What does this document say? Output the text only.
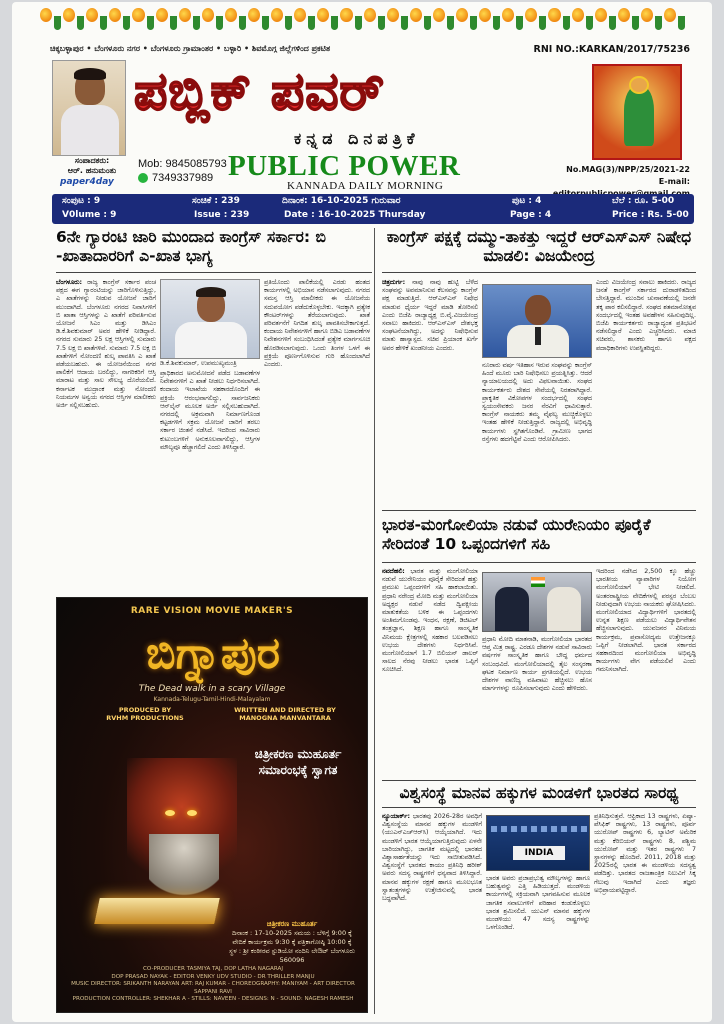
ಚಿಕ್ಕಬಳ್ಳಾಪುರ • ಬೆಂಗಳೂರು ನಗರ • ಬೆಂಗಳೂರು ಗ್ರಾಮಾಂತರ • ಬಳ್ಳಾರಿ • ಶಿವಮೊಗ್ಗ ಜಿಲ್ಲೆಗಳಿಂದ ಪ್ರಕಟಿತ	RNI NO.:KARKAN/2017/75236
ಸಂಪಾದಕರು:
ಆರ್. ಹನುಮಂತು
paper4day
Mob: 9845085793
7349337989
ಪಬ್ಲಿಕ್ ಪವರ್
ಕನ್ನಡ ದಿನಪತ್ರಿಕೆ
PUBLIC POWER
KANNADA DAILY MORNING
No.MAG(3)/NPP/25/2021-22
E-mail:
ಸಂಪುಟ : 9	ಸಂಚಿಕೆ : 239	ದಿನಾಂಕ: 16-10-2025 ಗುರುವಾರ	ಪುಟ : 4	ಬೆಲೆ : ರೂ. 5-00
V0lume : 9	Issue : 239	Date : 16-10-2025 Thursday	Page : 4	Price : Rs. 5-00
6ನೇ ಗ್ಯಾರಂಟಿ ಜಾರಿ ಮುಂದಾದ ಕಾಂಗ್ರೆಸ್ ಸರ್ಕಾರ: ಬಿ -ಖಾತಾದಾರರಿಗೆ ಎ-ಖಾತ ಭಾಗ್ಯ
ಬೆಂಗಳೂರು: ರಾಜ್ಯ ಕಾಂಗ್ರೆಸ್ ಸರ್ಕಾರ ಪಂಚ ಪಕ್ಷದ ಈಗ ಗ್ಯಾರಂಟಿಯನ್ನು ಜಾರಿಗೊಳಿಸುತ್ತಿದ್ದು, ಎ ಖಾತೆಗಳನ್ನು ನೀಡುವ ಯೋಜನೆ ಜಾರಿಗೆ ಮುಂದಾಗಿದೆ. ಬೆಂಗಳೂರು ನಗರದ ನಿವಾಸಿಗಳಿಗೆ ಬಿ ಖಾತಾ ಆಸ್ತಿಗಳನ್ನು ಎ ಖಾತೆಗೆ ಪರಿವರ್ತಿಸುವ ಯೋಜನೆ ಸಿಎಂ ಮತ್ತು ಡಿಸಿಎಂ ಡಿ.ಕೆ.ಶಿವಕುಮಾರ್ ಅವರ ಹೇಳಿಕೆ ನೀಡಿದ್ದಾರೆ. ನಗರದ ಸುಮಾರು 25 ಲಕ್ಷ ಆಸ್ತಿಗಳಲ್ಲಿ ಸುಮಾರು 7.5 ಲಕ್ಷ ಬಿ ಖಾತೆಗಳಿವೆ. ಸುಮಾರು 7.5 ಲಕ್ಷ ಬಿ ಖಾತೆಗಳಿಗೆ ನೋಂದಣಿ ಶುಲ್ಕ ಪಾವತಿಸಿ ಎ ಖಾತೆ ಪಡೆಯಬಹುದು. ಈ ಯೋಜನೆಯಿಂದ ನಗರ ಪಾಲಿಕೆಗೆ ಆದಾಯ ಬರಲಿದ್ದು, ನಾಗರಿಕರಿಗೆ ಆಸ್ತಿ ಮಾರಾಟ ಮತ್ತು ಸಾಲ ಸೌಲಭ್ಯ ದೊರೆಯಲಿದೆ. ಕರ್ನಾಟಕ ಮುದ್ರಾಂಕ ಮತ್ತು ನೋಂದಣಿ ನಿಯಮಗಳ ಅನ್ವಯ ನಗರದ ಆಸ್ತಿಗಳ ಮಾಲೀಕರು ಅರ್ಜಿ ಸಲ್ಲಿಸಬಹುದು.
ಡಿ.ಕೆ.ಶಿವಕುಮಾರ್, ಉಪಮುಖ್ಯಮಂತ್ರಿ
ಪ್ರಾಧಿಕಾರದ ಅನುಮೋದನೆ ಪಡೆದ ಬಡಾವಣೆಗಳ ನಿವೇಶನಗಳಿಗೆ ಎ ಖಾತೆ ನೀಡಲು ನಿರ್ಧರಿಸಲಾಗಿದೆ. ಕಂದಾಯ ಇಲಾಖೆಯ ಸಹಕಾರದೊಂದಿಗೆ ಈ ಪ್ರಕ್ರಿಯೆ ಆರಂಭವಾಗಲಿದ್ದು, ಸಾರ್ವಜನಿಕರು ಆನ್‌ಲೈನ್ ಮೂಲಕ ಅರ್ಜಿ ಸಲ್ಲಿಸಬಹುದಾಗಿದೆ. ನಗರದಲ್ಲಿ ಅಕ್ರಮವಾಗಿ ನಿರ್ಮಾಣಗೊಂಡ ಕಟ್ಟಡಗಳಿಗೆ ಸಕ್ರಮ ಯೋಜನೆ ಜಾರಿಗೆ ತರಲು ಸರ್ಕಾರ ಚಿಂತನೆ ನಡೆಸಿದೆ. ಇದರಿಂದ ಸಾವಿರಾರು ಕುಟುಂಬಗಳಿಗೆ ಅನುಕೂಲವಾಗಲಿದ್ದು, ಆಸ್ತಿಗಳ ಮೌಲ್ಯವೂ ಹೆಚ್ಚಾಗಲಿದೆ ಎಂದು ತಿಳಿಸಿದ್ದಾರೆ.
ಪ್ರತಿಯೊಂದು ಪಾಲಿಕೆಯಲ್ಲಿ ಎರಡು ಹಂತದ ಕಾರ್ಯಗಳಲ್ಲಿ ಅಭಿಯಾನ ನಡೆಸಲಾಗುವುದು. ನಗರದ ಸಮಸ್ತ ಆಸ್ತಿ ಮಾಲೀಕರು ಈ ಯೋಜನೆಯ ಸದುಪಯೋಗ ಪಡೆದುಕೊಳ್ಳಬೇಕು. ಇದಕ್ಕಾಗಿ ಪ್ರತ್ಯೇಕ ಕೌಂಟರ್‌ಗಳನ್ನು ತೆರೆಯಲಾಗುವುದು. ಖಾತೆ ಪರಿವರ್ತನೆಗೆ ನಿಗದಿತ ಶುಲ್ಕ ಪಾವತಿಸಬೇಕಾಗುತ್ತದೆ. ಕಂದಾಯ ನಿವೇಶನಗಳಿಗೆ ಹಾಗೂ ಬಿಡಿಎ ಬಡಾವಣೆಗಳ ನಿವೇಶನಗಳಿಗೆ ಸಂಬಂಧಿಸಿದಂತೆ ಪ್ರತ್ಯೇಕ ಮಾರ್ಗಸೂಚಿ ಹೊರಡಿಸಲಾಗುವುದು. ಒಂದು ತಿಂಗಳ ಒಳಗೆ ಈ ಪ್ರಕ್ರಿಯೆ ಪೂರ್ಣಗೊಳಿಸುವ ಗುರಿ ಹೊಂದಲಾಗಿದೆ ಎಂದರು.
RARE VISION MOVIE MAKER'S
ಬಿಗ್ನಾಪುರ
The Dead walk in a scary Village
Kannada-Telugu-Tamil-Hindi-Malayalam
PRODUCED BY
RVHM PRODUCTIONS
WRITTEN AND DIRECTED BY
MANOGNA MANVANTARA
ಚಿತ್ರೀಕರಣ ಮುಹೂರ್ತ ಸಮಾರಂಭಕ್ಕೆ ಸ್ವಾಗತ
ಚಿತ್ರೀಕರಣ ಮುಹೂರ್ತ
ದಿನಾಂಕ : 17-10-2025 ಸಮಯ : ಬೆಳಿಗ್ಗೆ 9:00 ಕ್ಕೆ
ವೇದಿಕೆ ಕಾರ್ಯಕ್ರಮ 9:30 ಕ್ಕೆ ಪತ್ರಿಕಾಗೋಷ್ಠಿ 10:00 ಕ್ಕೆ
ಸ್ಥಳ : ಶ್ರೀ ಕಂಠೀರವ ಸ್ಟುಡಿಯೋ ನಂದಿನಿ ಲೇಔಟ್ ಬೆಂಗಳೂರು 560096
CO-PRODUCER TASMIYA TAJ, DOP LATHA NAGARAJ
DOP PRASAD NAYAK - EDITOR VENKY UDV STUDIO - DR THRILLER MANJU
MUSIC DIRECTOR: SRIKANTH NARAYAN ART: RAJ KUMAR - CHOREOGRAPHY: MANIYAM - ART DIRECTOR SAPPANI RAVI
PRODUCTION CONTROLLER: SHEKHAR A - STILLS: NAVEEN - DESIGNS: N - SOUND: NAGESH RAMESH
ಕಾಂಗ್ರೆಸ್ ಪಕ್ಷಕ್ಕೆ ದಮ್ಮು-ತಾಕತ್ತು ಇದ್ದರೆ ಆರ್‌ಎಸ್‌ಎಸ್ ನಿಷೇಧ ಮಾಡಲಿ: ವಿಜಯೇಂದ್ರ
ಚಿತ್ರದುರ್ಗ: ನಾವು ನಾವು ಹುಟ್ಟಿ ಬೆಳೆದ ಸಂಘವನ್ನು ಅವಮಾನಿಸುವ ಕೆಲಸವನ್ನು ಕಾಂಗ್ರೆಸ್ ಪಕ್ಷ ಮಾಡುತ್ತಿದೆ. ಆರ್‌ಎಸ್‌ಎಸ್ ನಿಷೇಧ ಮಾಡುವ ಧೈರ್ಯ ಇದ್ದರೆ ಮಾಡಿ ತೋರಿಸಲಿ ಎಂದು ಬಿಜೆಪಿ ರಾಜ್ಯಾಧ್ಯಕ್ಷ ಬಿ.ವೈ.ವಿಜಯೇಂದ್ರ ಸವಾಲು ಹಾಕಿದರು. ಆರ್‌ಎಸ್‌ಎಸ್ ದೇಶಭಕ್ತ ಸಂಘಟನೆಯಾಗಿದ್ದು, ಅದನ್ನು ನಿಷೇಧಿಸುವ ಮಾತು ಹಾಸ್ಯಾಸ್ಪದ. ಸಚಿವ ಪ್ರಿಯಾಂಕ ಖರ್ಗೆ ಅವರ ಹೇಳಿಕೆ ಖಂಡನೀಯ ಎಂದರು.
ನೂರಾರು ವರ್ಷ ಇತಿಹಾಸ ಇರುವ ಸಂಘವನ್ನು ಕಾಂಗ್ರೆಸ್ ಹಿಂದೆ ಮೂರು ಬಾರಿ ನಿಷೇಧಿಸಲು ಪ್ರಯತ್ನಿಸಿತ್ತು. ಆದರೆ ನ್ಯಾಯಾಲಯದಲ್ಲಿ ಅದು ವಿಫಲವಾಯಿತು. ಸಂಘದ ಕಾರ್ಯಕರ್ತರು ದೇಶದ ಸೇವೆಯಲ್ಲಿ ನಿರತರಾಗಿದ್ದಾರೆ. ಪ್ರಾಕೃತಿಕ ವಿಕೋಪಗಳ ಸಂದರ್ಭದಲ್ಲಿ ಸಂಘದ ಸ್ವಯಂಸೇವಕರು ಜನರ ನೆರವಿಗೆ ಧಾವಿಸುತ್ತಾರೆ. ಕಾಂಗ್ರೆಸ್ ನಾಯಕರು ತಮ್ಮ ವೈಫಲ್ಯ ಮುಚ್ಚಿಕೊಳ್ಳಲು ಇಂತಹ ಹೇಳಿಕೆ ನೀಡುತ್ತಿದ್ದಾರೆ. ರಾಜ್ಯದಲ್ಲಿ ಅಭಿವೃದ್ಧಿ ಕಾರ್ಯಗಳು ಸ್ಥಗಿತಗೊಂಡಿವೆ. ಗ್ರಾಮೀಣ ಭಾಗದ ರಸ್ತೆಗಳು ಹದಗೆಟ್ಟಿವೆ ಎಂದು ಆರೋಪಿಸಿದರು.
ಎಂದು ವಿಜಯೇಂದ್ರ ಸವಾಲು ಹಾಕಿದರು. ರಾಜ್ಯದ ಜನತೆ ಕಾಂಗ್ರೆಸ್ ಸರ್ಕಾರದ ದುರಾಡಳಿತದಿಂದ ಬೇಸತ್ತಿದ್ದಾರೆ. ಮುಂದಿನ ಚುನಾವಣೆಯಲ್ಲಿ ಜನರೇ ತಕ್ಕ ಪಾಠ ಕಲಿಸಲಿದ್ದಾರೆ. ಸಂಘದ ಶತಮಾನೋತ್ಸವ ಸಂದರ್ಭದಲ್ಲಿ ಇಂತಹ ಅವಹೇಳನ ಸಹಿಸುವುದಿಲ್ಲ. ಬಿಜೆಪಿ ಕಾರ್ಯಕರ್ತರು ರಾಜ್ಯಾದ್ಯಂತ ಪ್ರತಿಭಟನೆ ನಡೆಸಲಿದ್ದಾರೆ ಎಂದು ಎಚ್ಚರಿಸಿದರು. ಮಾಜಿ ಸಚಿವರು, ಶಾಸಕರು ಹಾಗೂ ಪಕ್ಷದ ಪದಾಧಿಕಾರಿಗಳು ಉಪಸ್ಥಿತರಿದ್ದರು.
ಭಾರತ-ಮಂಗೋಲಿಯಾ ನಡುವೆ ಯುರೇನಿಯಂ ಪೂರೈಕೆ ಸೇರಿದಂತೆ 10 ಒಪ್ಪಂದಗಳಿಗೆ ಸಹಿ
ನವದೆಹಲಿ: ಭಾರತ ಮತ್ತು ಮಂಗೋಲಿಯಾ ನಡುವೆ ಯುರೇನಿಯಂ ಪೂರೈಕೆ ಸೇರಿದಂತೆ ಹತ್ತು ಪ್ರಮುಖ ಒಪ್ಪಂದಗಳಿಗೆ ಸಹಿ ಹಾಕಲಾಯಿತು. ಪ್ರಧಾನಿ ನರೇಂದ್ರ ಮೋದಿ ಮತ್ತು ಮಂಗೋಲಿಯಾ ಅಧ್ಯಕ್ಷರ ನಡುವೆ ನಡೆದ ದ್ವಿಪಕ್ಷೀಯ ಮಾತುಕತೆಯ ಬಳಿಕ ಈ ಒಪ್ಪಂದಗಳು ಅಂತಿಮಗೊಂಡವು. ಇಂಧನ, ರಕ್ಷಣೆ, ಡಿಜಿಟಲ್ ತಂತ್ರಜ್ಞಾನ, ಶಿಕ್ಷಣ ಹಾಗೂ ಸಾಂಸ್ಕೃತಿಕ ವಿನಿಮಯ ಕ್ಷೇತ್ರಗಳಲ್ಲಿ ಸಹಕಾರ ಬಲಪಡಿಸಲು ಉಭಯ ದೇಶಗಳು ನಿರ್ಧರಿಸಿವೆ. ಮಂಗೋಲಿಯಾಗೆ 1.7 ಬಿಲಿಯನ್ ಡಾಲರ್ ಸಾಲದ ನೆರವು ನೀಡಲು ಭಾರತ ಒಪ್ಪಿಗೆ ಸೂಚಿಸಿದೆ.
ಪ್ರಧಾನಿ ಮೋದಿ ಮಾತನಾಡಿ, ಮಂಗೋಲಿಯಾ ಭಾರತದ ಆಪ್ತ ಮಿತ್ರ ರಾಷ್ಟ್ರ. ಎರಡೂ ದೇಶಗಳ ನಡುವೆ ಸಾವಿರಾರು ವರ್ಷಗಳ ಸಾಂಸ್ಕೃತಿಕ ಹಾಗೂ ಬೌದ್ಧ ಧರ್ಮದ ಸಂಬಂಧವಿದೆ. ಮಂಗೋಲಿಯಾದಲ್ಲಿ ತೈಲ ಸಂಸ್ಕರಣಾ ಘಟಕ ನಿರ್ಮಾಣ ಕಾರ್ಯ ಪ್ರಗತಿಯಲ್ಲಿದೆ. ಉಭಯ ದೇಶಗಳ ವಾಣಿಜ್ಯ ವಹಿವಾಟು ಹೆಚ್ಚಿಸಲು ಹೊಸ ಮಾರ್ಗಗಳನ್ನು ರೂಪಿಸಲಾಗುವುದು ಎಂದು ಹೇಳಿದರು.
ಇದರಿಂದ ನಡೆಸಿದ 2,500 ಕ್ಕೂ ಹೆಚ್ಚು ಭಾರತೀಯ ವ್ಯಾಪಾರಿಗಳ ನಿಯೋಗ ಮಂಗೋಲಿಯಾಗೆ ಭೇಟಿ ನೀಡಲಿದೆ. ಅಂತರರಾಷ್ಟ್ರೀಯ ವೇದಿಕೆಗಳಲ್ಲಿ ಪರಸ್ಪರ ಬೆಂಬಲ ನೀಡುವುದಾಗಿ ಉಭಯ ನಾಯಕರು ಘೋಷಿಸಿದರು. ಮಂಗೋಲಿಯಾದ ವಿದ್ಯಾರ್ಥಿಗಳಿಗೆ ಭಾರತದಲ್ಲಿ ಉನ್ನತ ಶಿಕ್ಷಣ ಪಡೆಯಲು ವಿದ್ಯಾರ್ಥಿವೇತನ ಹೆಚ್ಚಿಸಲಾಗುವುದು. ಯುವಜನರ ವಿನಿಮಯ ಕಾರ್ಯಕ್ರಮ, ಪ್ರವಾಸೋದ್ಯಮ ಉತ್ತೇಜನಕ್ಕೂ ಒಪ್ಪಿಗೆ ನೀಡಲಾಗಿದೆ. ಭಾರತ ಸರ್ಕಾರದ ಸಹಕಾರದಿಂದ ಮಂಗೋಲಿಯಾ ಅಭಿವೃದ್ಧಿ ಕಾರ್ಯಗಳು ವೇಗ ಪಡೆಯಲಿವೆ ಎಂದು ಗಮನಿಸಲಾಗಿದೆ.
ವಿಶ್ವಸಂಸ್ಥೆ ಮಾನವ ಹಕ್ಕುಗಳ ಮಂಡಳಿಗೆ ಭಾರತದ ಸಾರಥ್ಯ
ನ್ಯೂಯಾರ್ಕ್: ಭಾರತವು 2026-28ರ ಅವಧಿಗೆ ವಿಶ್ವಸಂಸ್ಥೆಯ ಮಾನವ ಹಕ್ಕುಗಳ ಮಂಡಳಿಗೆ (ಯುಎನ್‌ಎಚ್‌ಆರ್‌ಸಿ) ಆಯ್ಕೆಯಾಗಿದೆ. ಇದು ಮಂಡಳಿಗೆ ಭಾರತ ಆಯ್ಕೆಯಾಗುತ್ತಿರುವುದು ಏಳನೇ ಬಾರಿಯಾಗಿದ್ದು, ಜಾಗತಿಕ ಮಟ್ಟದಲ್ಲಿ ಭಾರತದ ವಿಶ್ವಾಸಾರ್ಹತೆಯನ್ನು ಇದು ಸಾಬೀತುಪಡಿಸಿದೆ. ವಿಶ್ವಸಂಸ್ಥೆಗೆ ಭಾರತದ ಕಾಯಂ ಪ್ರತಿನಿಧಿ ಹರೀಶ್ ಅವರು ಸದಸ್ಯ ರಾಷ್ಟ್ರಗಳಿಗೆ ಧನ್ಯವಾದ ತಿಳಿಸಿದ್ದಾರೆ. ಮಾನವ ಹಕ್ಕುಗಳ ರಕ್ಷಣೆ ಹಾಗೂ ಮೂಲಭೂತ ಸ್ವಾತಂತ್ರ್ಯಗಳನ್ನು ಉತ್ತೇಜಿಸುವಲ್ಲಿ ಭಾರತ ಬದ್ಧವಾಗಿದೆ.
INDIA
ಭಾರತ ಅವರು ಪ್ರಜಾಪ್ರಭುತ್ವ ಮೌಲ್ಯಗಳನ್ನು ಹಾಗೂ ಬಹುತ್ವವನ್ನು ಎತ್ತಿ ಹಿಡಿಯುತ್ತದೆ. ಮಂಡಳಿಯ ಕಾರ್ಯಗಳಲ್ಲಿ ಸಕ್ರಿಯವಾಗಿ ಭಾಗವಹಿಸುವ ಮೂಲಕ ಜಾಗತಿಕ ಸವಾಲುಗಳಿಗೆ ಪರಿಹಾರ ಕಂಡುಕೊಳ್ಳಲು ಭಾರತ ಶ್ರಮಿಸಲಿದೆ. ಯುಎನ್ ಮಾನವ ಹಕ್ಕುಗಳ ಮಂಡಳಿಯು 47 ಸದಸ್ಯ ರಾಷ್ಟ್ರಗಳನ್ನು ಒಳಗೊಂಡಿದೆ.
ಪ್ರತಿನಿಧಿಸುತ್ತವೆ. ಆಫ್ರಿಕಾದ 13 ರಾಷ್ಟ್ರಗಳು, ಏಷ್ಯಾ-ಪೆಸಿಫಿಕ್ ರಾಷ್ಟ್ರಗಳು, 13 ರಾಷ್ಟ್ರಗಳು, ಪೂರ್ವ ಯುರೋಪ್ ರಾಷ್ಟ್ರಗಳು 6, ಲ್ಯಾಟಿನ್ ಅಮೆರಿಕ ಮತ್ತು ಕೆರಿಬಿಯನ್ ರಾಷ್ಟ್ರಗಳು 8, ಪಶ್ಚಿಮ ಯುರೋಪ್ ಮತ್ತು ಇತರ ರಾಷ್ಟ್ರಗಳು 7 ಸ್ಥಾನಗಳನ್ನು ಹೊಂದಿವೆ. 2011, 2018 ಮತ್ತು 2025ರಲ್ಲಿ ಭಾರತ ಈ ಮಂಡಳಿಯ ಸದಸ್ಯತ್ವ ಪಡೆದಿತ್ತು. ಭಾರತದ ರಾಜತಾಂತ್ರಿಕ ನಿಲುವಿಗೆ ಸಿಕ್ಕ ಗೆಲುವು ಇದಾಗಿದೆ ಎಂದು ತಜ್ಞರು ಅಭಿಪ್ರಾಯಪಟ್ಟಿದ್ದಾರೆ.
